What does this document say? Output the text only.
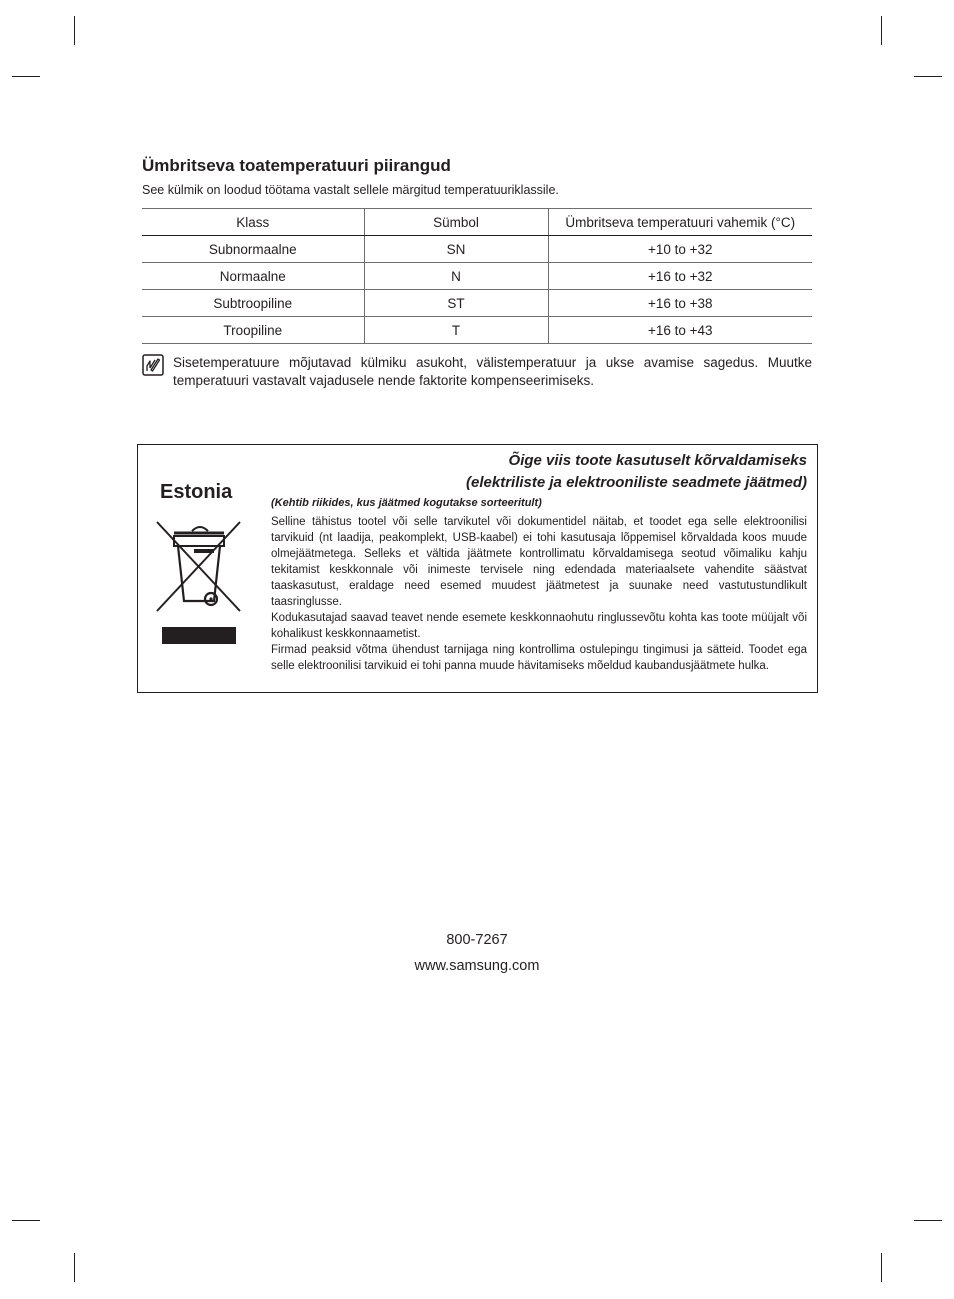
Ümbritseva toatemperatuuri piirangud

See külmik on loodud töötama vastalt sellele märgitud temperatuuriklassile.

Klass	Sümbol	Ümbritseva temperatuuri vahemik (°C)
Subnormaalne	SN	+10 to +32
Normaalne	N	+16 to +32
Subtroopiline	ST	+16 to +38
Troopiline	T	+16 to +43

Sisetemperatuure mõjutavad külmiku asukoht, välistemperatuur ja ukse avamise sagedus. Muutke temperatuuri vastavalt vajadusele nende faktorite kompenseerimiseks.

Estonia

Õige viis toote kasutuselt kõrvaldamiseks
(elektriliste ja elektrooniliste seadmete jäätmed)

(Kehtib riikides, kus jäätmed kogutakse sorteeritult)

Selline tähistus tootel või selle tarvikutel või dokumentidel näitab, et toodet ega selle elektroonilisi tarvikuid (nt laadija, peakomplekt, USB-kaabel) ei tohi kasutusaja lõppemisel kõrvaldada koos muude olmejäätmetega. Selleks et vältida jäätmete kontrollimatu kõrvaldamisega seotud võimaliku kahju tekitamist keskkonnale või inimeste tervisele ning edendada materiaalsete vahendite säästvat taaskasutust, eraldage need esemed muudest jäätmetest ja suunake need vastutustundlikult taasringlusse.

Kodukasutajad saavad teavet nende esemete keskkonnaohutu ringlussevõtu kohta kas toote müüjalt või kohalikust keskkonnaametist.

Firmad peaksid võtma ühendust tarnijaga ning kontrollima ostulepingu tingimusi ja sätteid. Toodet ega selle elektroonilisi tarvikuid ei tohi panna muude hävitamiseks mõeldud kaubandusjäätmete hulka.

800-7267
www.samsung.com
